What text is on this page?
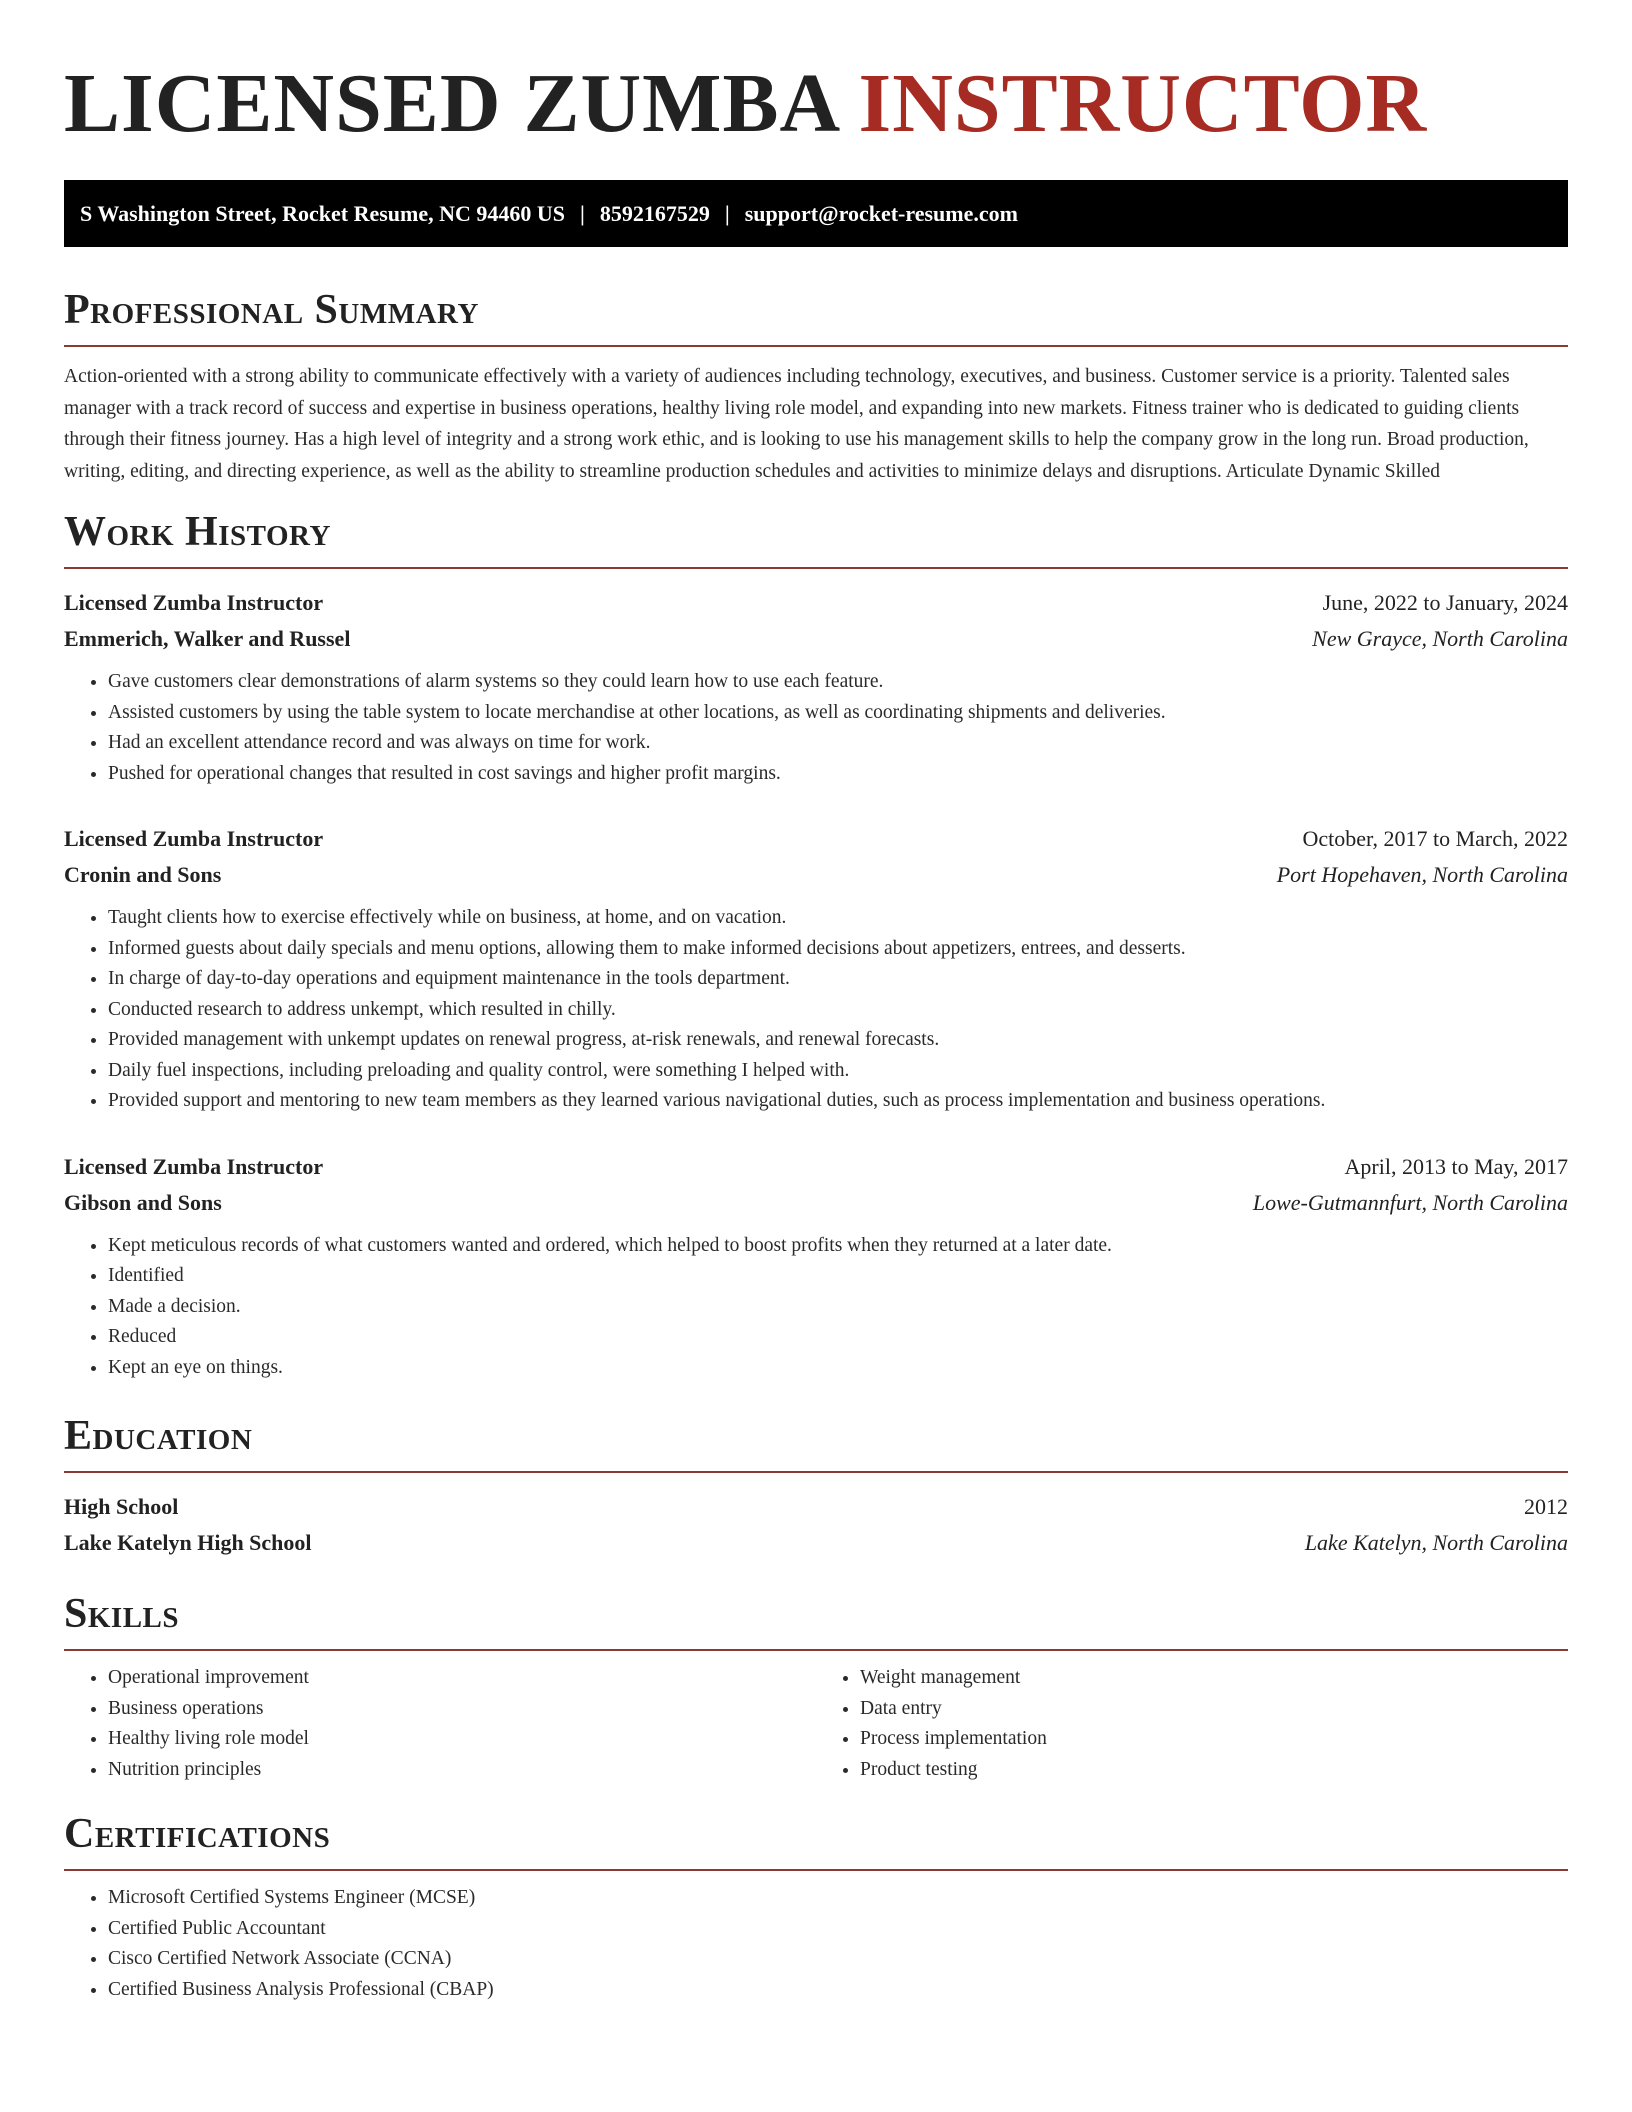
LICENSED ZUMBA INSTRUCTOR
S Washington Street, Rocket Resume, NC 94460 US | 8592167529 | support@rocket-resume.com
Professional Summary

Action-oriented with a strong ability to communicate effectively with a variety of audiences including technology, executives, and business. Customer service is a priority. Talented sales manager with a track record of success and expertise in business operations, healthy living role model, and expanding into new markets. Fitness trainer who is dedicated to guiding clients through their fitness journey. Has a high level of integrity and a strong work ethic, and is looking to use his management skills to help the company grow in the long run. Broad production, writing, editing, and directing experience, as well as the ability to streamline production schedules and activities to minimize delays and disruptions. Articulate Dynamic Skilled

Work History
Licensed Zumba Instructor	June, 2022 to January, 2024
Emmerich, Walker and Russel	New Grayce, North Carolina
• Gave customers clear demonstrations of alarm systems so they could learn how to use each feature.
• Assisted customers by using the table system to locate merchandise at other locations, as well as coordinating shipments and deliveries.
• Had an excellent attendance record and was always on time for work.
• Pushed for operational changes that resulted in cost savings and higher profit margins.
Licensed Zumba Instructor	October, 2017 to March, 2022
Cronin and Sons	Port Hopehaven, North Carolina
• Taught clients how to exercise effectively while on business, at home, and on vacation.
• Informed guests about daily specials and menu options, allowing them to make informed decisions about appetizers, entrees, and desserts.
• In charge of day-to-day operations and equipment maintenance in the tools department.
• Conducted research to address unkempt, which resulted in chilly.
• Provided management with unkempt updates on renewal progress, at-risk renewals, and renewal forecasts.
• Daily fuel inspections, including preloading and quality control, were something I helped with.
• Provided support and mentoring to new team members as they learned various navigational duties, such as process implementation and business operations.
Licensed Zumba Instructor	April, 2013 to May, 2017
Gibson and Sons	Lowe-Gutmannfurt, North Carolina
• Kept meticulous records of what customers wanted and ordered, which helped to boost profits when they returned at a later date.
• Identified
• Made a decision.
• Reduced
• Kept an eye on things.
Education
High School	2012
Lake Katelyn High School	Lake Katelyn, North Carolina
Skills
• Operational improvement
• Business operations
• Healthy living role model
• Nutrition principles
• Weight management
• Data entry
• Process implementation
• Product testing
Certifications
• Microsoft Certified Systems Engineer (MCSE)
• Certified Public Accountant
• Cisco Certified Network Associate (CCNA)
• Certified Business Analysis Professional (CBAP)
